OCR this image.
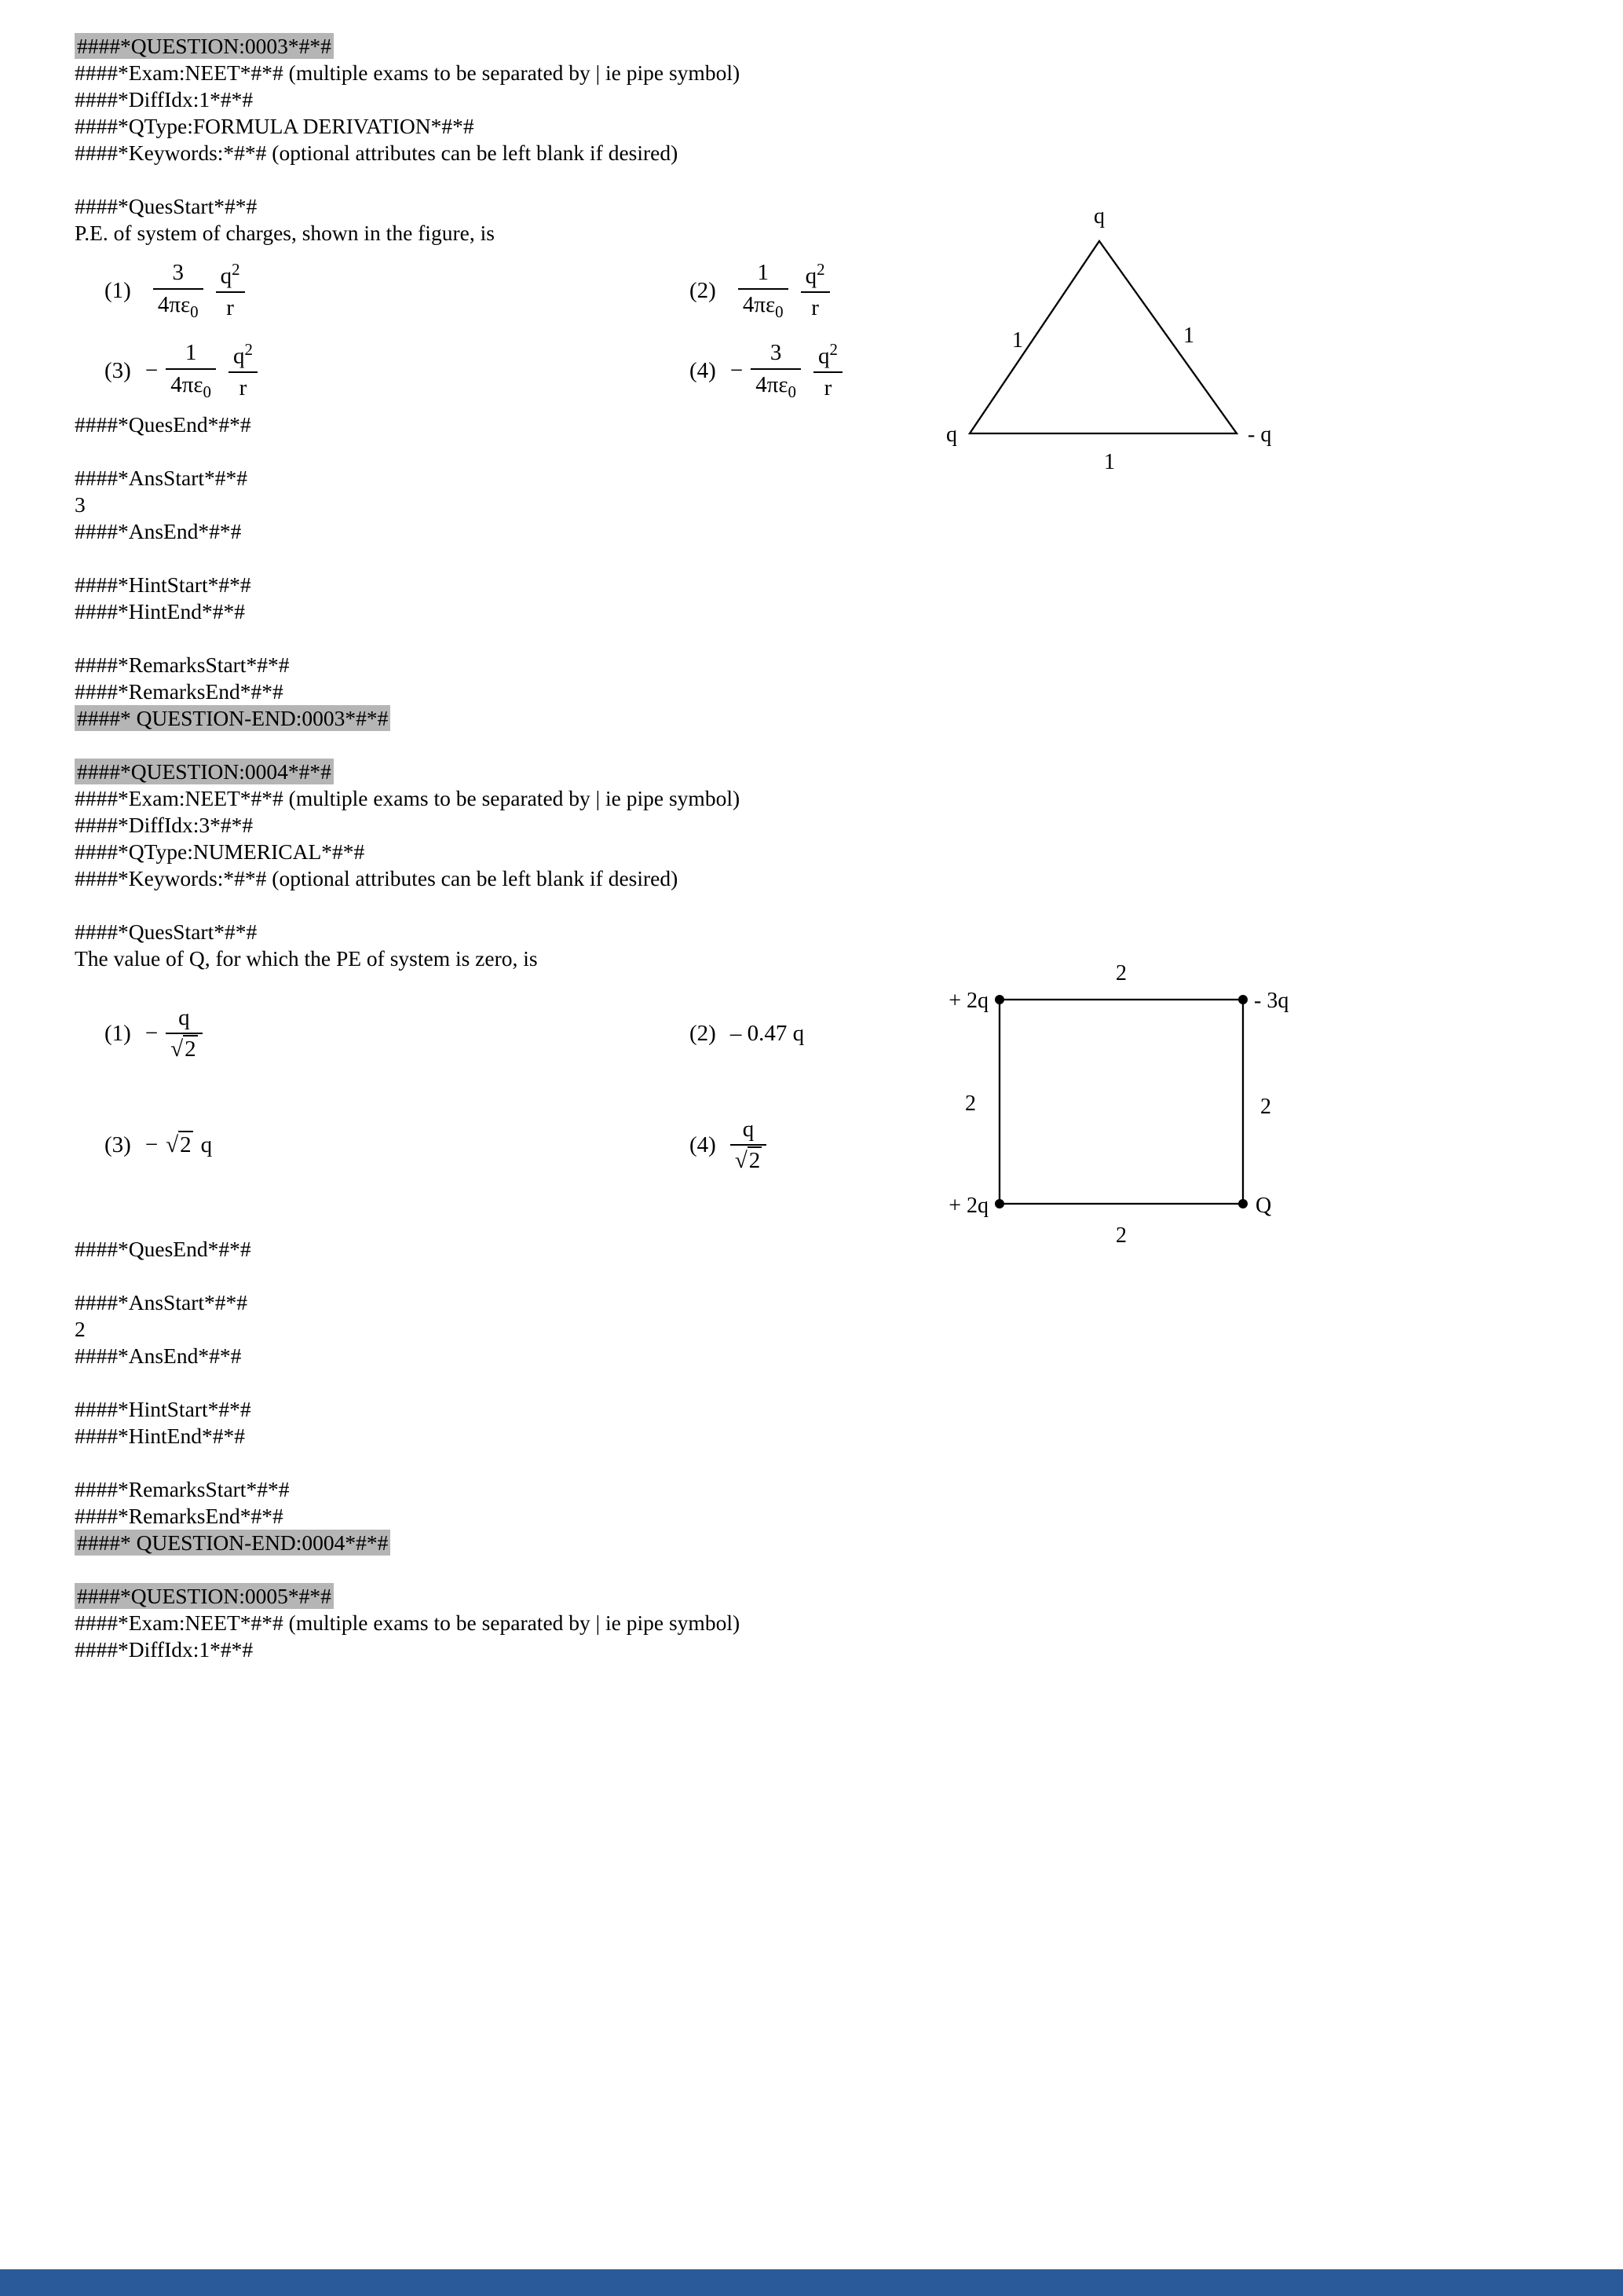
####*QUESTION:0003*#*#
####*Exam:NEET*#*# (multiple exams to be separated by | ie pipe symbol)
####*DiffIdx:1*#*#
####*QType:FORMULA DERIVATION*#*#
####*Keywords:*#*# (optional attributes can be left blank if desired)
####*QuesStart*#*#
P.E. of system of charges, shown in the figure, is
$(1) \frac{3}{4\pi\varepsilon_0} \frac{q^2}{r}$	$(2) \frac{1}{4\pi\varepsilon_0} \frac{q^2}{r}$
$(3) - \frac{1}{4\pi\varepsilon_0} \frac{q^2}{r}$	$(4) - \frac{3}{4\pi\varepsilon_0} \frac{q^2}{r}$
q
1	1
q	- q
1
####*QuesEnd*#*#
####*AnsStart*#*#
3
####*AnsEnd*#*#
####*HintStart*#*#
####*HintEnd*#*#
####*RemarksStart*#*#
####*RemarksEnd*#*#
####* QUESTION-END:0003*#*#
####*QUESTION:0004*#*#
####*Exam:NEET*#*# (multiple exams to be separated by | ie pipe symbol)
####*DiffIdx:3*#*#
####*QType:NUMERICAL*#*#
####*Keywords:*#*# (optional attributes can be left blank if desired)
####*QuesStart*#*#
The value of Q, for which the PE of system is zero, is
$(1) - \frac{q}{√2}$	(2) – 0.47 q
(3) − √2 q	$(4) \frac{q}{√2}$
+ 2q	- 3q
2
2	2
+ 2q	Q
2
####*QuesEnd*#*#
####*AnsStart*#*#
2
####*AnsEnd*#*#
####*HintStart*#*#
####*HintEnd*#*#
####*RemarksStart*#*#
####*RemarksEnd*#*#
####* QUESTION-END:0004*#*#
####*QUESTION:0005*#*#
####*Exam:NEET*#*# (multiple exams to be separated by | ie pipe symbol)
####*DiffIdx:1*#*#
